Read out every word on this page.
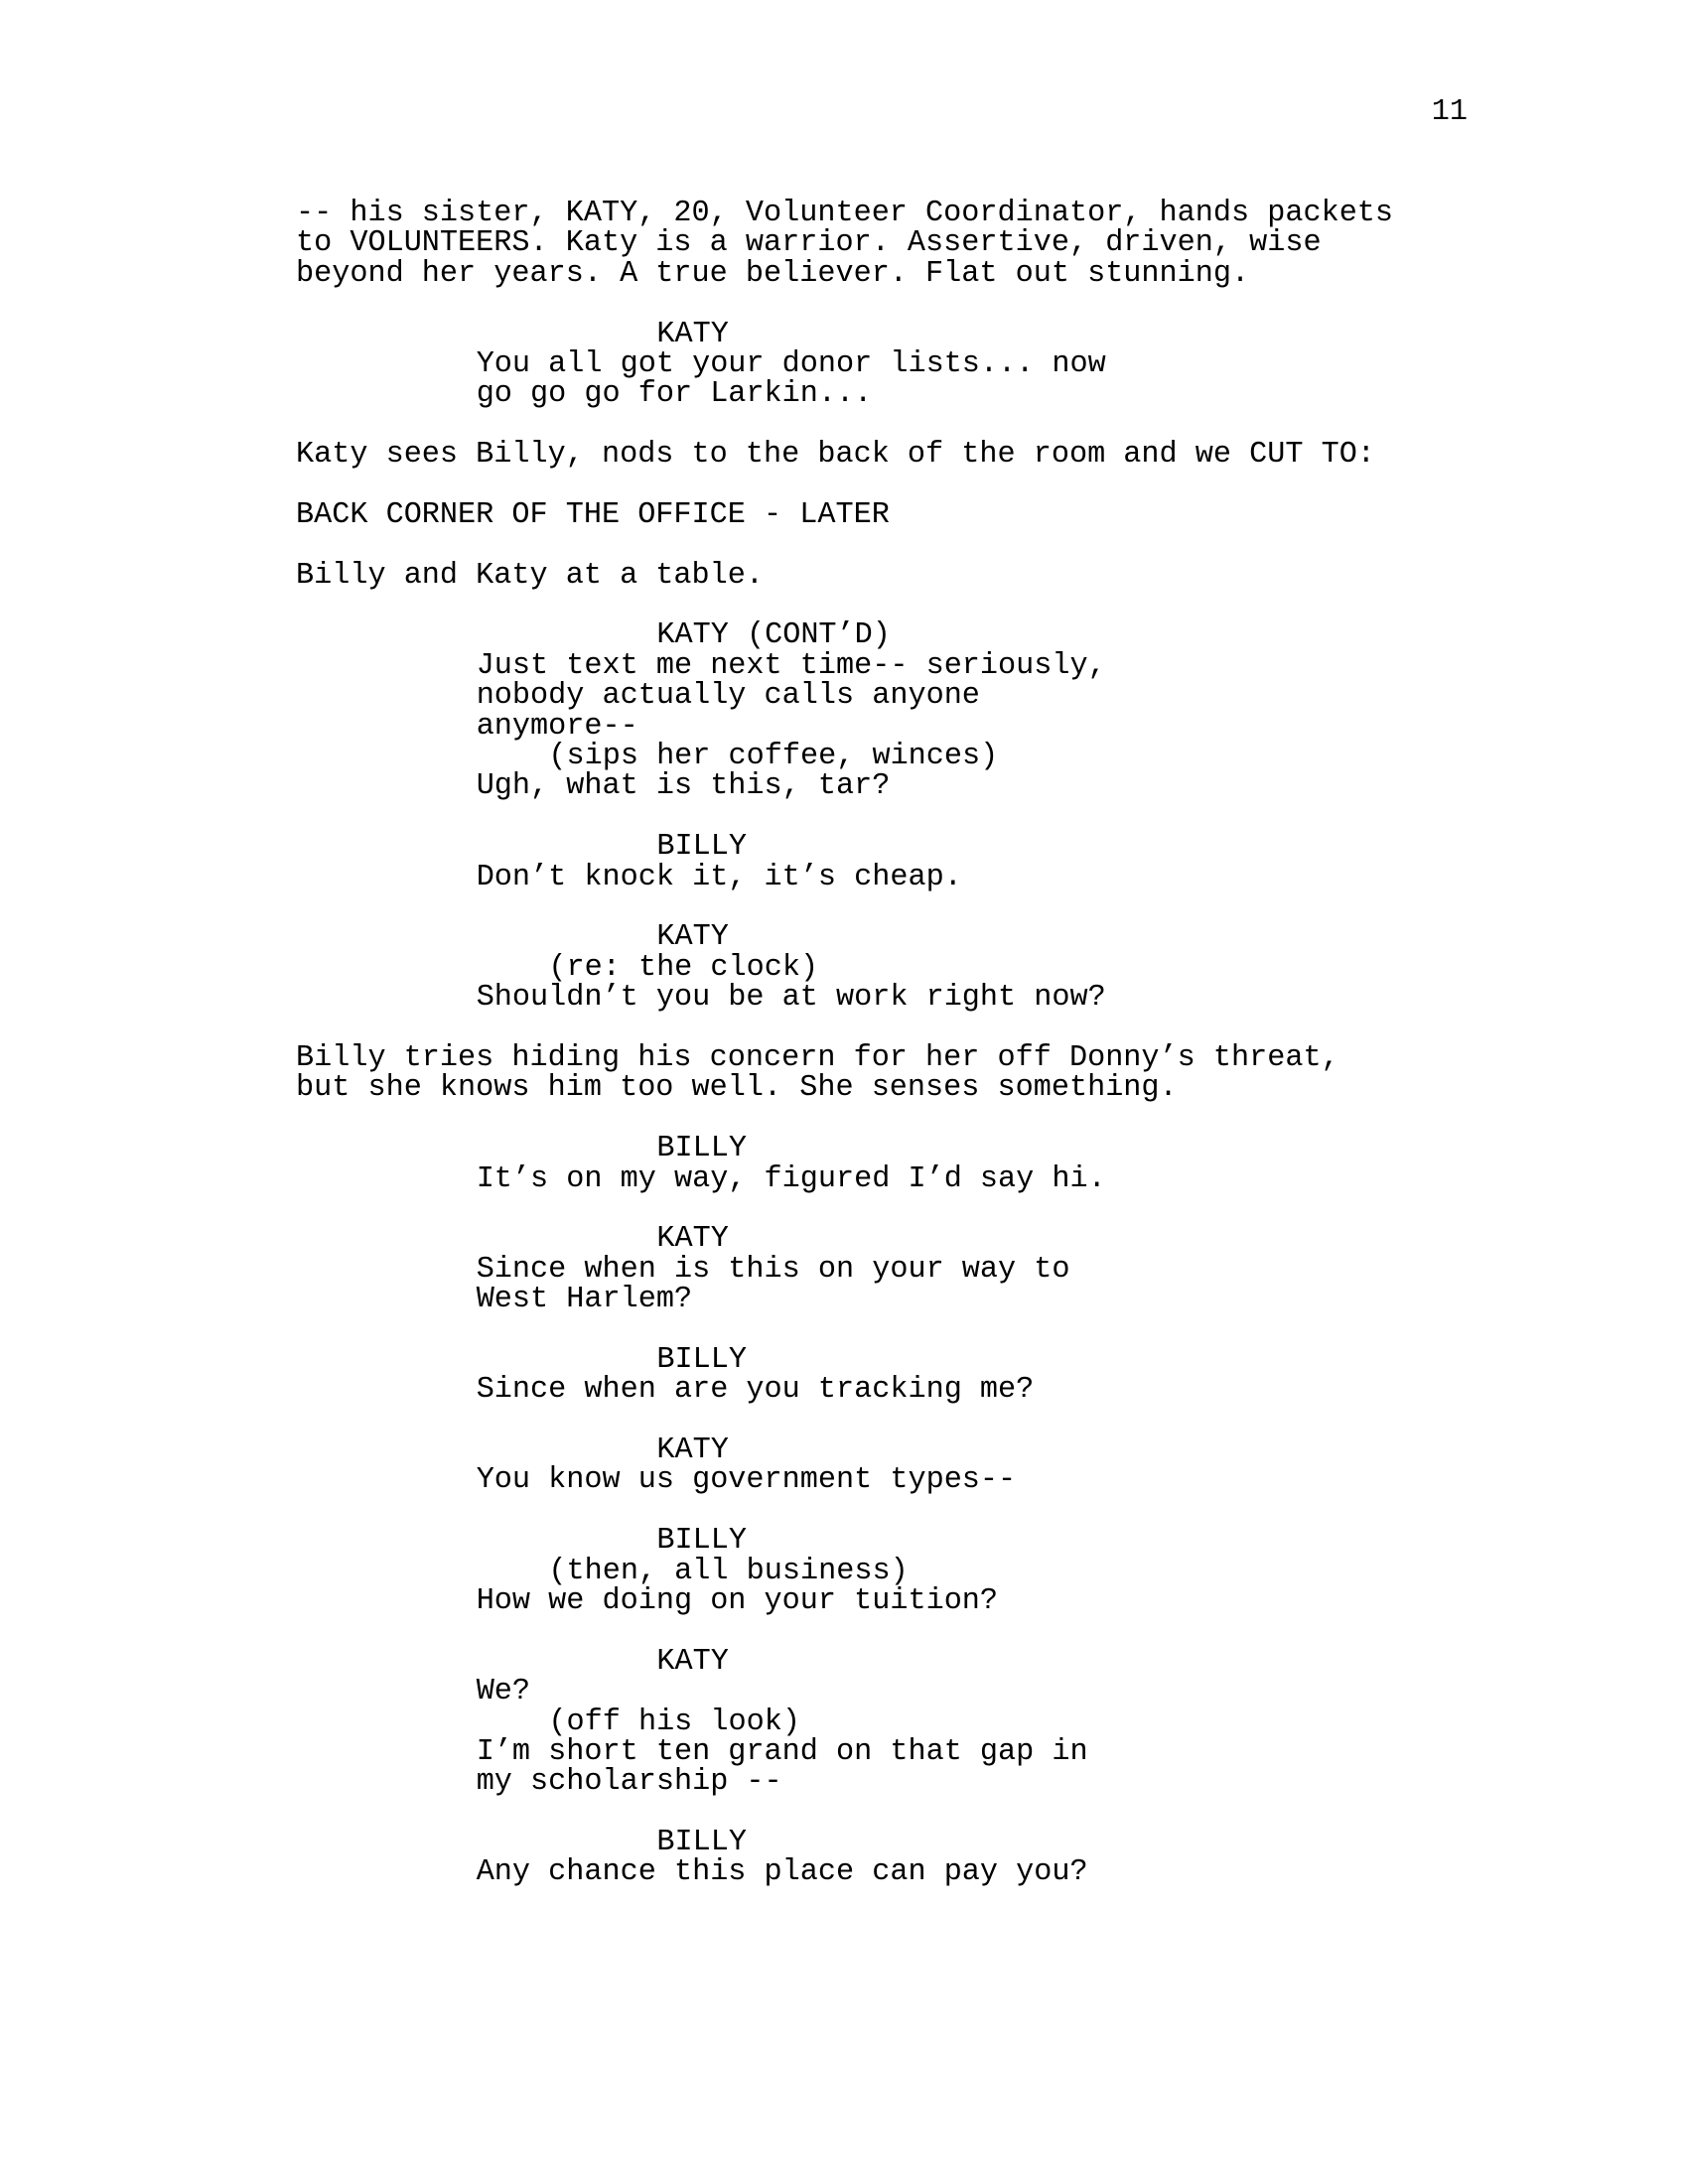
11
-- his sister, KATY, 20, Volunteer Coordinator, hands packets
to VOLUNTEERS. Katy is a warrior. Assertive, driven, wise
beyond her years. A true believer. Flat out stunning.
KATY
You all got your donor lists... now
go go go for Larkin...
Katy sees Billy, nods to the back of the room and we CUT TO:
BACK CORNER OF THE OFFICE - LATER
Billy and Katy at a table.
KATY (CONT’D)
Just text me next time-- seriously,
nobody actually calls anyone
anymore--
(sips her coffee, winces)
Ugh, what is this, tar?
BILLY
Don’t knock it, it’s cheap.
KATY
(re: the clock)
Shouldn’t you be at work right now?
Billy tries hiding his concern for her off Donny’s threat,
but she knows him too well. She senses something.
BILLY
It’s on my way, figured I’d say hi.
KATY
Since when is this on your way to
West Harlem?
BILLY
Since when are you tracking me?
KATY
You know us government types--
BILLY
(then, all business)
How we doing on your tuition?
KATY
We?
(off his look)
I’m short ten grand on that gap in
my scholarship --
BILLY
Any chance this place can pay you?
